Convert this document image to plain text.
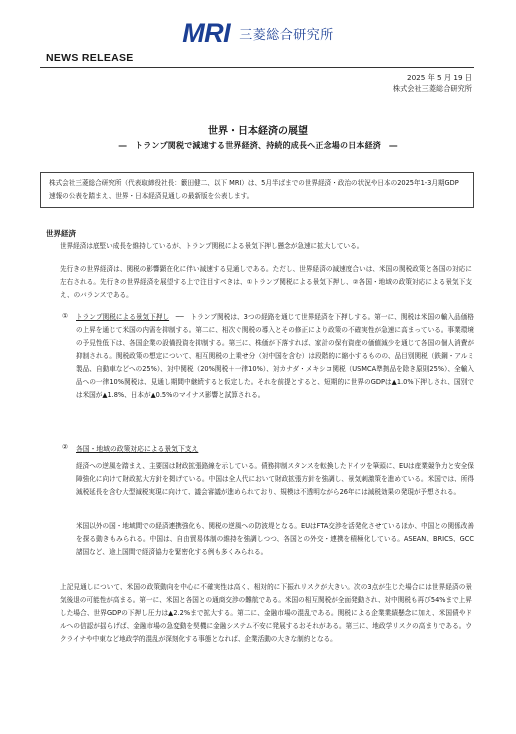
MRI 三菱総合研究所
NEWS RELEASE
2025 年 5 月 19 日
株式会社三菱総合研究所
世界・日本経済の展望
―　トランプ関税で減速する世界経済、持続的成長へ正念場の日本経済　―
株式会社三菱総合研究所（代表取締役社長：籔田健二、以下 MRI）は、5月半ばまでの世界経済・政治の状況や日本の2025年1-3月期GDP速報の公表を踏まえ、世界・日本経済見通しの最新版を公表します。
世界経済
世界経済は底堅い成長を維持しているが、トランプ関税による景気下押し懸念が急速に拡大している。
先行きの世界経済は、関税の影響顕在化に伴い減速する見通しである。ただし、世界経済の減速度合いは、米国の関税政策と各国の対応に左右される。先行きの世界経済を展望する上で注目すべきは、①トランプ関税による景気下押し、②各国・地域の政策対応による景気下支え、のバランスである。
① トランプ関税による景気下押し　──　トランプ関税は、3つの経路を通じて世界経済を下押しする。第一に、関税は米国の輸入品価格の上昇を通じて米国の内需を抑制する。第二に、相次ぐ関税の導入とその修正により政策の不確実性が急速に高まっている。事業環境の予見性低下は、各国企業の設備投資を抑制する。第三に、株価が下落すれば、家計の保有資産の価値減少を通じて各国の個人消費が抑制される。関税政策の想定について、相互関税の上乗せ分（対中国を含む）は段階的に縮小するものの、品目別関税（鉄鋼・アルミ製品、自動車などへの25%）、対中関税（20%関税＋一律10%）、対カナダ・メキシコ関税（USMCA準拠品を除き原則25%）、全輸入品への一律10%関税は、見通し期間中継続すると仮定した。それを前提とすると、短期的に世界のGDPは▲1.0%下押しされ、国別では米国が▲1.8%、日本が▲0.5%のマイナス影響と試算される。
② 各国・地域の政策対応による景気下支え
経済への逆風を踏まえ、主要国は財政拡張路線を示している。債務抑制スタンスを転換したドイツを筆頭に、EUは産業競争力と安全保障強化に向けて財政拡大方針を掲げている。中国は全人代において財政拡張方針を強調し、景気刺激策を進めている。米国では、所得減税延長を含む大型減税実現に向けて、議会審議が進められており、規模は不透明ながら26年には減税効果の発現が予想される。
米国以外の国・地域間での経済連携強化も、関税の逆風への防波堤となる。EUはFTA交渉を活発化させているほか、中国との関係改善を探る動きもみられる。中国は、自由貿易体制の維持を強調しつつ、各国との外交・連携を積極化している。ASEAN、BRICS、GCC諸国など、途上国間で経済協力を緊密化する例も多くみられる。
上記見通しについて、米国の政策動向を中心に不確実性は高く、相対的に下振れリスクが大きい。次の3点が生じた場合には世界経済の景気後退の可能性が高まる。第一に、米国と各国との通商交渉の難航である。米国の相互関税が全面発動され、対中関税も再び54%まで上昇した場合、世界GDPの下押し圧力は▲2.2%まで拡大する。第二に、金融市場の混乱である。関税による企業業績懸念に加え、米国債やドルへの信認が揺らげば、金融市場の急変動を契機に金融システム不安に発展するおそれがある。第三に、地政学リスクの高まりである。ウクライナや中東など地政学的混乱が深刻化する事態となれば、企業活動の大きな制約となる。
